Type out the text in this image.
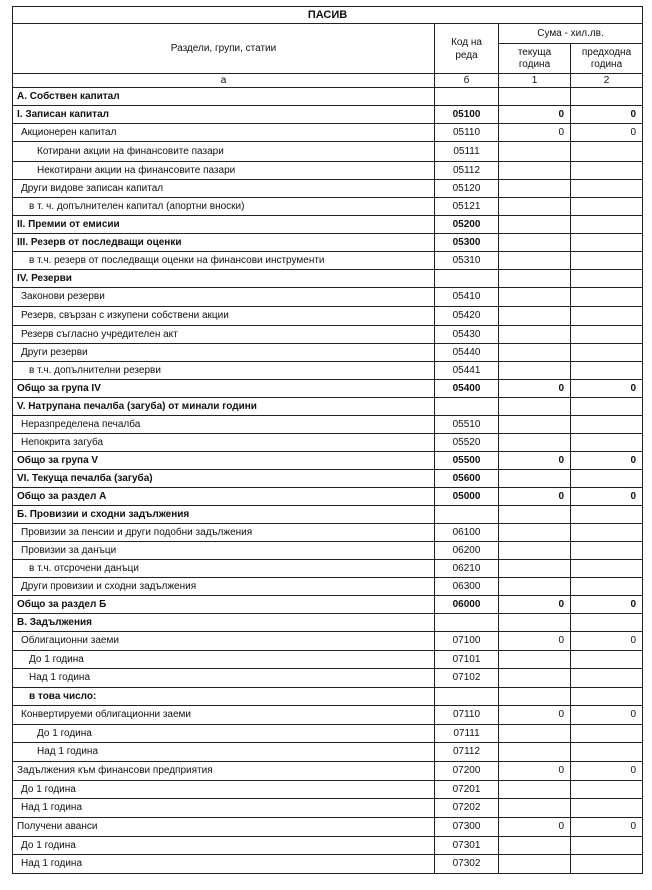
ПАСИВ			
Раздели, групи, статии	Код на реда	Сума - хил.лв.	
		текуща година	предходна година
а	б	1	2
А. Собствен капитал			
I. Записан капитал	05100	0	0
Акционерен капитал	05110	0	0
Котирани акции на финансовите пазари	05111		
Некотирани акции на финансовите пазари	05112		
Други видове записан капитал	05120		
в т. ч. допълнителен капитал (апортни вноски)	05121		
II. Премии от емисии	05200		
III. Резерв от последващи оценки	05300		
в т.ч. резерв от последващи оценки на финансови инструменти	05310		
IV. Резерви			
Законови резерви	05410		
Резерв, свързан с изкупени собствени акции	05420		
Резерв съгласно учредителен акт	05430		
Други резерви	05440		
в т.ч. допълнителни резерви	05441		
Общо за група IV	05400	0	0
V. Натрупана печалба (загуба) от минали години			
Неразпределена печалба	05510		
Непокрита загуба	05520		
Общо за група V	05500	0	0
VI. Текуща печалба (загуба)	05600		
Общо за раздел А	05000	0	0
Б. Провизии и сходни задължения			
Провизии за пенсии и други подобни задължения	06100		
Провизии за данъци	06200		
в т.ч. отсрочени данъци	06210		
Други провизии и сходни задължения	06300		
Общо за раздел Б	06000	0	0
В. Задължения			
Облигационни заеми	07100	0	0
До 1 година	07101		
Над 1 година	07102		
в това число:			
Конвертируеми облигационни заеми	07110	0	0
До 1 година	07111		
Над 1 година	07112		
Задължения към финансови предприятия	07200	0	0
До 1 година	07201		
Над 1 година	07202		
Получени аванси	07300	0	0
До 1 година	07301		
Над 1 година	07302		
